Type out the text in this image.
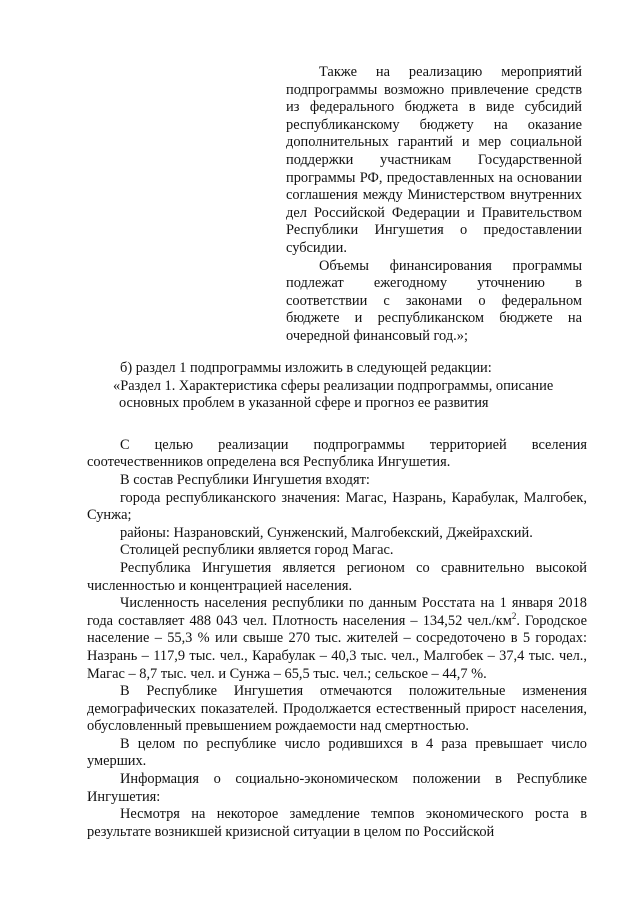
Также на реализацию мероприятий подпрограммы возможно привлечение средств из федерального бюджета в виде субсидий республиканскому бюджету на оказание дополнительных гарантий и мер социальной поддержки участникам Государственной программы РФ, предоставленных на основании соглашения между Министерством внутренних дел Российской Федерации и Правительством Республики Ингушетия о предоставлении субсидии.

Объемы финансирования программы подлежат ежегодному уточнению в соответствии с законами о федеральном бюджете и республиканском бюджете на очередной финансовый год.»;

б) раздел 1 подпрограммы изложить в следующей редакции:

«Раздел 1. Характеристика сферы реализации подпрограммы, описание основных проблем в указанной сфере и прогноз ее развития

С целью реализации подпрограммы территорией вселения соотечественников определена вся Республика Ингушетия.

В состав Республики Ингушетия входят:

города республиканского значения: Магас, Назрань, Карабулак, Малгобек, Сунжа;

районы: Назрановский, Сунженский, Малгобекский, Джейрахский.

Столицей республики является город Магас.

Республика Ингушетия является регионом со сравнительно высокой численностью и концентрацией населения.

Численность населения республики по данным Росстата на 1 января 2018 года составляет 488 043 чел. Плотность населения – 134,52 $чел./км^2$. Городское население – 55,3 % или свыше 270 тыс. жителей – сосредоточено в 5 городах: Назрань – 117,9 тыс. чел., Карабулак – 40,3 тыс. чел., Малгобек – 37,4 тыс. чел., Магас – 8,7 тыс. чел. и Сунжа – 65,5 тыс. чел.; сельское – 44,7 %.

В Республике Ингушетия отмечаются положительные изменения демографических показателей. Продолжается естественный прирост населения, обусловленный превышением рождаемости над смертностью.

В целом по республике число родившихся в 4 раза превышает число умерших.

Информация о социально-экономическом положении в Республике Ингушетия:

Несмотря на некоторое замедление темпов экономического роста в результате возникшей кризисной ситуации в целом по Российской
